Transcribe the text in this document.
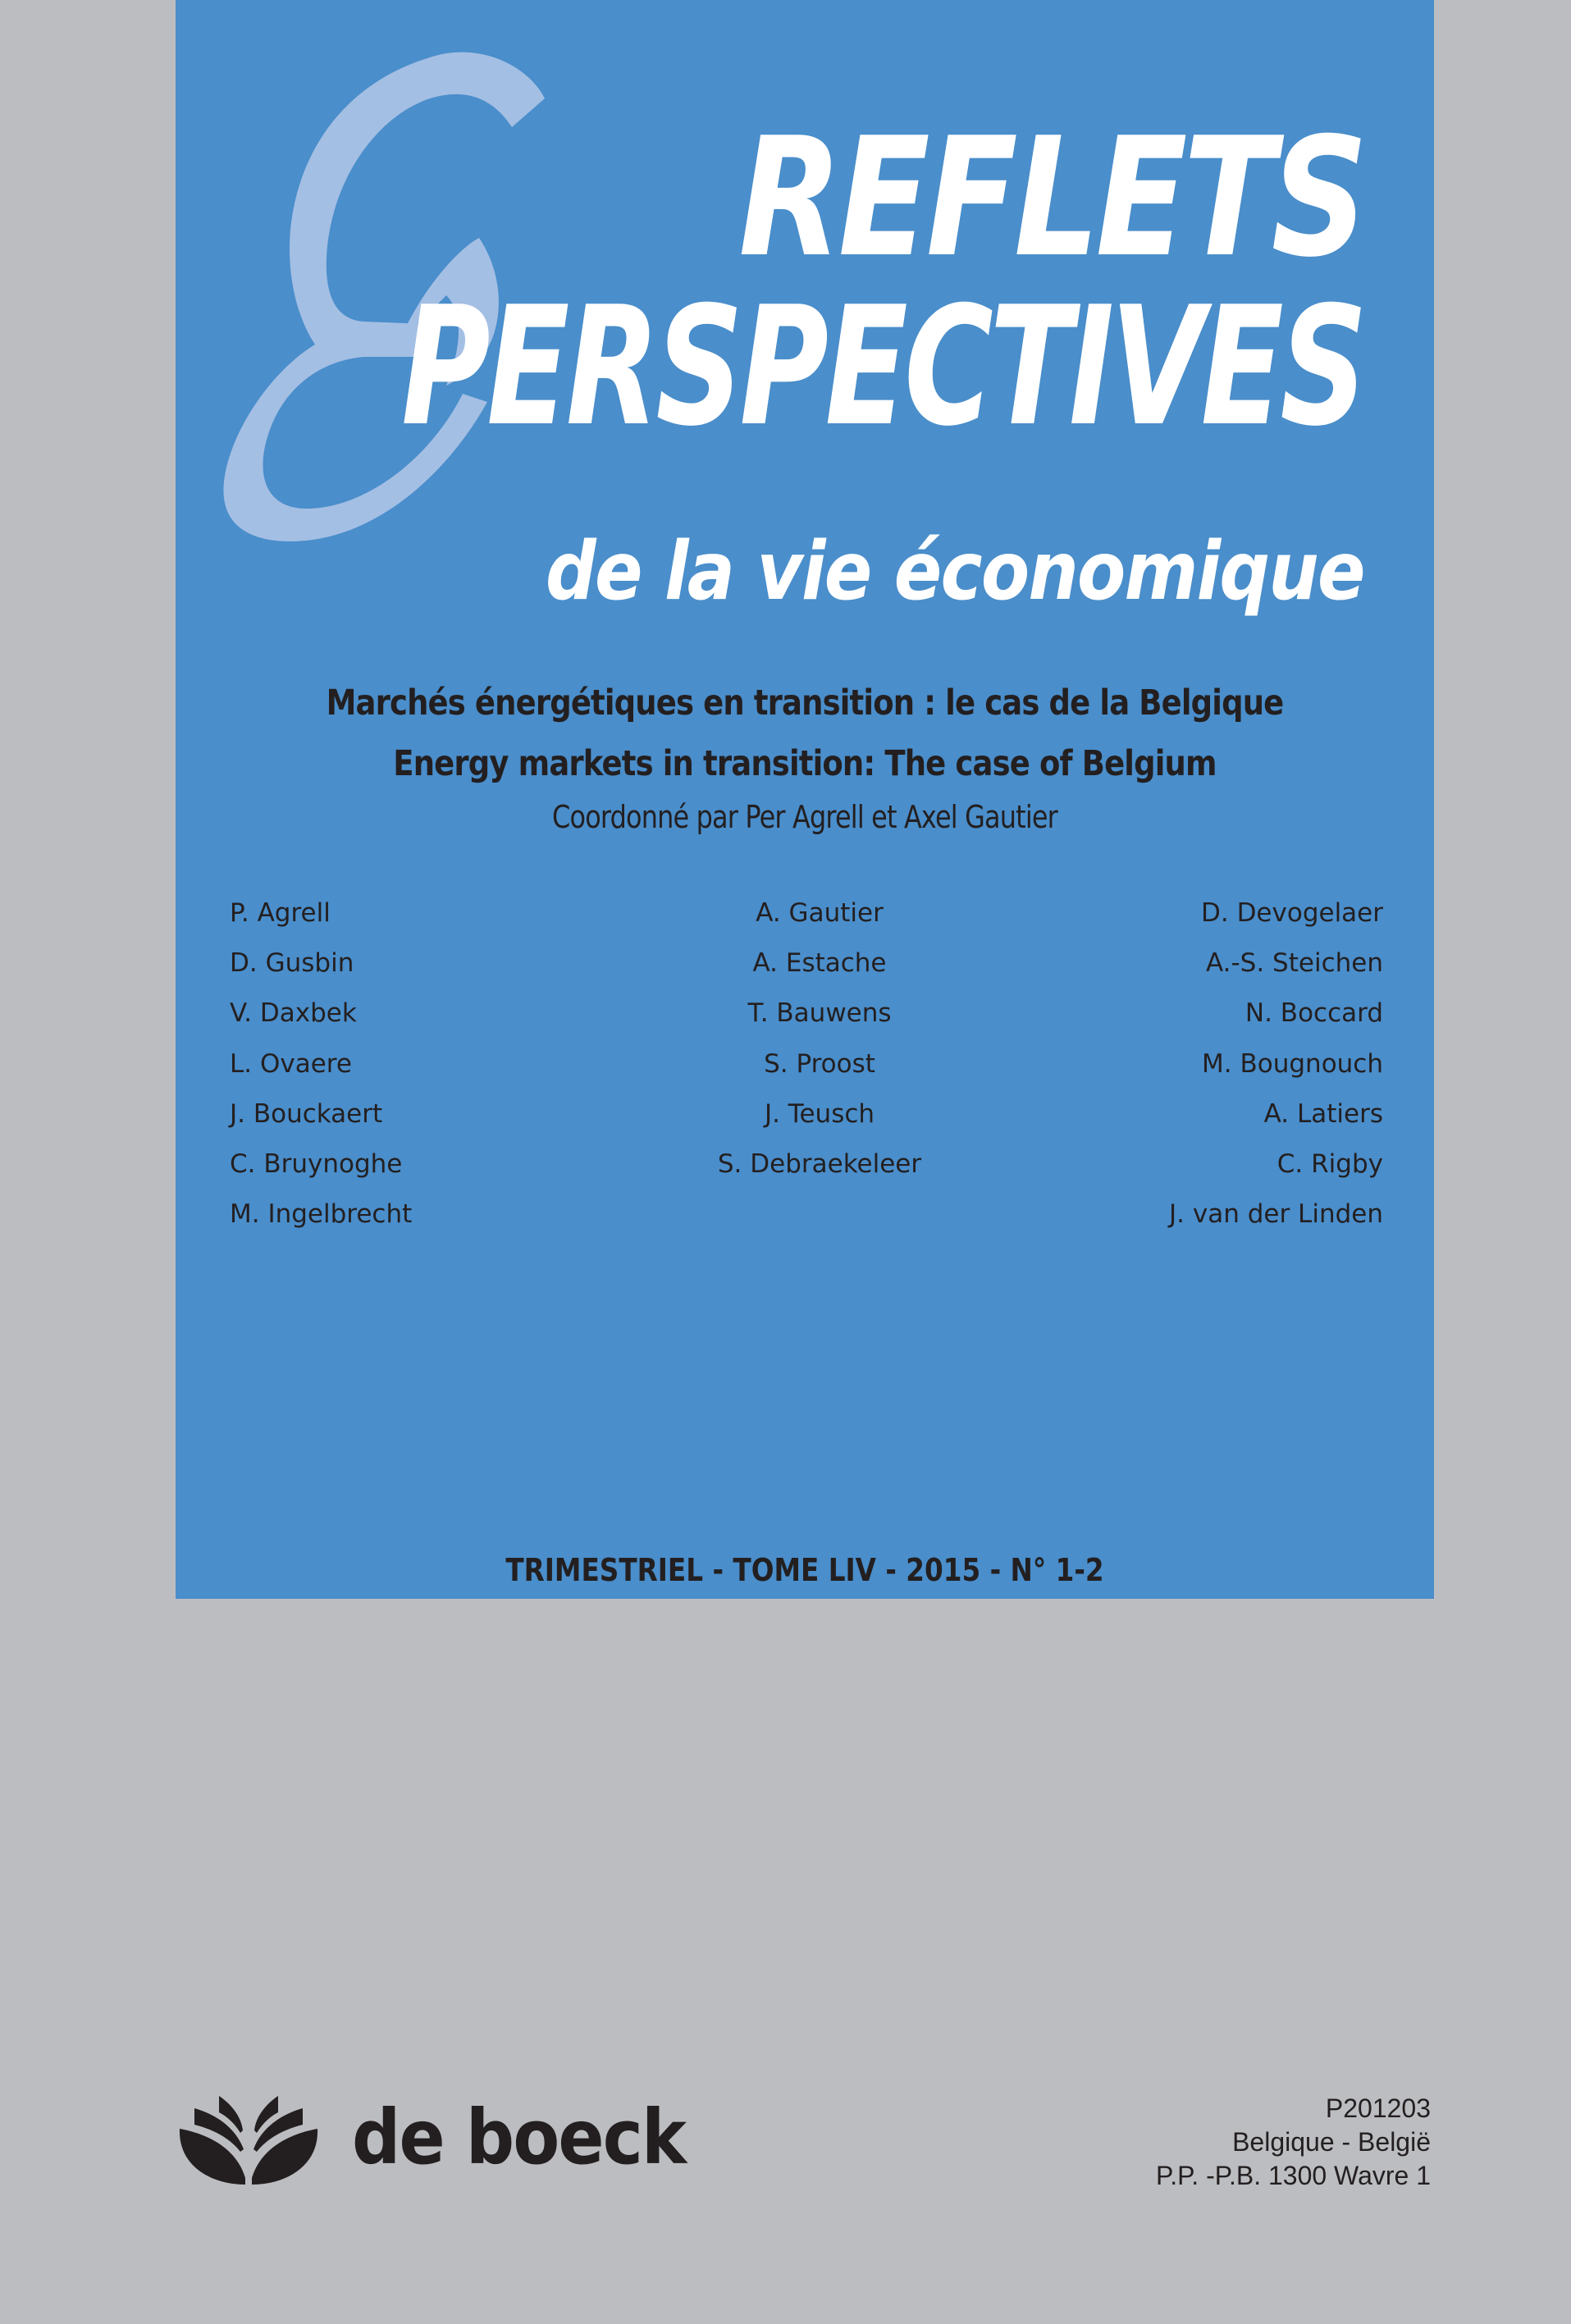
REFLETS
PERSPECTIVES
de la vie économique
Marchés énergétiques en transition : le cas de la Belgique
Energy markets in transition: The case of Belgium
Coordonné par Per Agrell et Axel Gautier
P. Agrell
D. Gusbin
V. Daxbek
L. Ovaere
J. Bouckaert
C. Bruynoghe
M. Ingelbrecht
A. Gautier
A. Estache
T. Bauwens
S. Proost
J. Teusch
S. Debraekeleer
D. Devogelaer
A.-S. Steichen
N. Boccard
M. Bougnouch
A. Latiers
C. Rigby
J. van der Linden
TRIMESTRIEL - TOME LIV - 2015 - N° 1-2
de boeck	P201203
Belgique - België
P.P. -P.B. 1300 Wavre 1
